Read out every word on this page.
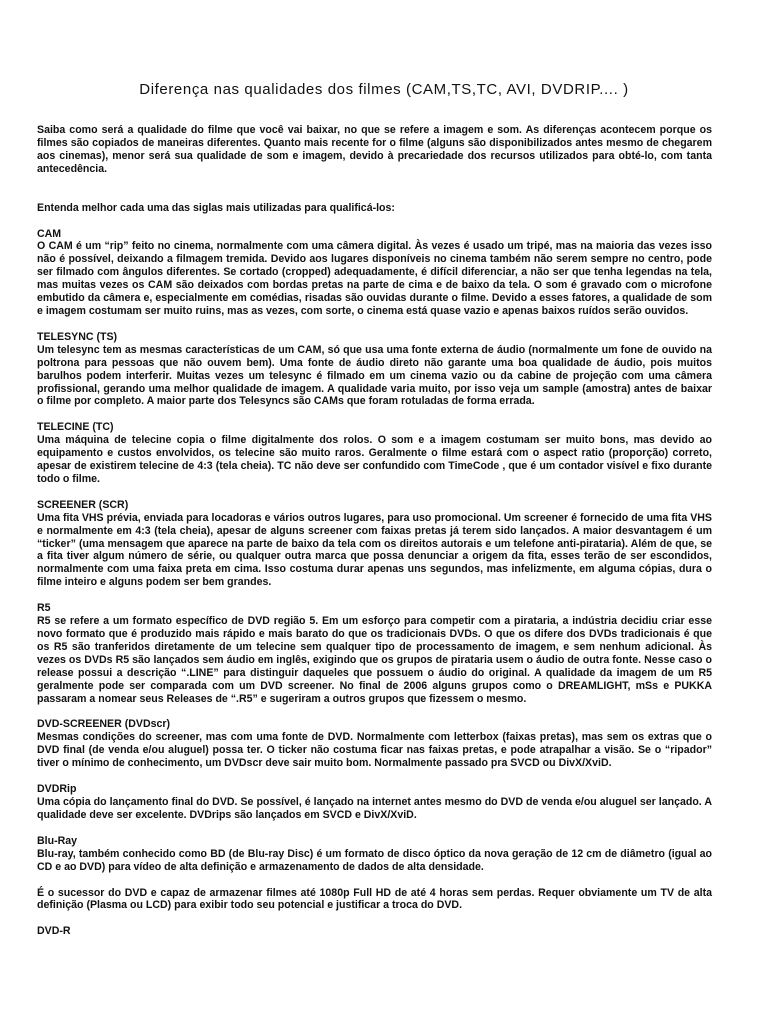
Diferença nas qualidades dos filmes (CAM,TS,TC, AVI, DVDRIP.... )

Saiba como será a qualidade do filme que você vai baixar, no que se refere a imagem e som. As diferenças acontecem porque os filmes são copiados de maneiras diferentes. Quanto mais recente for o filme (alguns são disponibilizados antes mesmo de chegarem aos cinemas), menor será sua qualidade de som e imagem, devido à precariedade dos recursos utilizados para obté-lo, com tanta antecedência.

Entenda melhor cada uma das siglas mais utilizadas para qualificá-los:

CAM

O CAM é um “rip” feito no cinema, normalmente com uma câmera digital. Às vezes é usado um tripé, mas na maioria das vezes isso não é possível, deixando a filmagem tremida. Devido aos lugares disponíveis no cinema também não serem sempre no centro, pode ser filmado com ângulos diferentes. Se cortado (cropped) adequadamente, é difícil diferenciar, a não ser que tenha legendas na tela, mas muitas vezes os CAM são deixados com bordas pretas na parte de cima e de baixo da tela. O som é gravado com o microfone embutido da câmera e, especialmente em comédias, risadas são ouvidas durante o filme. Devido a esses fatores, a qualidade de som e imagem costumam ser muito ruins, mas as vezes, com sorte, o cinema está quase vazio e apenas baixos ruídos serão ouvidos.

TELESYNC (TS)

Um telesync tem as mesmas características de um CAM, só que usa uma fonte externa de áudio (normalmente um fone de ouvido na poltrona para pessoas que não ouvem bem). Uma fonte de áudio direto não garante uma boa qualidade de áudio, pois muitos barulhos podem interferir. Muitas vezes um telesync é filmado em um cinema vazio ou da cabine de projeção com uma câmera profissional, gerando uma melhor qualidade de imagem. A qualidade varia muito, por isso veja um sample (amostra) antes de baixar o filme por completo. A maior parte dos Telesyncs são CAMs que foram rotuladas de forma errada.

TELECINE (TC)

Uma máquina de telecine copia o filme digitalmente dos rolos. O som e a imagem costumam ser muito bons, mas devido ao equipamento e custos envolvidos, os telecine são muito raros. Geralmente o filme estará com o aspect ratio (proporção) correto, apesar de existirem telecine de 4:3 (tela cheia). TC não deve ser confundido com TimeCode , que é um contador visível e fixo durante todo o filme.

SCREENER (SCR)

Uma fita VHS prévia, enviada para locadoras e vários outros lugares, para uso promocional. Um screener é fornecido de uma fita VHS e normalmente em 4:3 (tela cheia), apesar de alguns screener com faixas pretas já terem sido lançados. A maior desvantagem é um “ticker” (uma mensagem que aparece na parte de baixo da tela com os direitos autorais e um telefone anti-pirataria). Além de que, se a fita tiver algum número de série, ou qualquer outra marca que possa denunciar a origem da fita, esses terão de ser escondidos, normalmente com uma faixa preta em cima. Isso costuma durar apenas uns segundos, mas infelizmente, em alguma cópias, dura o filme inteiro e alguns podem ser bem grandes.

R5

R5 se refere a um formato específico de DVD região 5. Em um esforço para competir com a pirataria, a indústria decidiu criar esse novo formato que é produzido mais rápido e mais barato do que os tradicionais DVDs. O que os difere dos DVDs tradicionais é que os R5 são tranferidos diretamente de um telecine sem qualquer tipo de processamento de imagem, e sem nenhum adicional. Às vezes os DVDs R5 são lançados sem áudio em inglês, exigindo que os grupos de pirataria usem o áudio de outra fonte. Nesse caso o release possui a descrição “.LINE” para distinguir daqueles que possuem o áudio do original. A qualidade da imagem de um R5 geralmente pode ser comparada com um DVD screener. No final de 2006 alguns grupos como o DREAMLIGHT, mSs e PUKKA passaram a nomear seus Releases de “.R5” e sugeriram a outros grupos que fizessem o mesmo.

DVD-SCREENER (DVDscr)

Mesmas condições do screener, mas com uma fonte de DVD. Normalmente com letterbox (faixas pretas), mas sem os extras que o DVD final (de venda e/ou aluguel) possa ter. O ticker não costuma ficar nas faixas pretas, e pode atrapalhar a visão. Se o “ripador” tiver o mínimo de conhecimento, um DVDscr deve sair muito bom. Normalmente passado pra SVCD ou DivX/XviD.

DVDRip

Uma cópia do lançamento final do DVD. Se possível, é lançado na internet antes mesmo do DVD de venda e/ou aluguel ser lançado. A qualidade deve ser excelente. DVDrips são lançados em SVCD e DivX/XviD.

Blu-Ray

Blu-ray, também conhecido como BD (de Blu-ray Disc) é um formato de disco óptico da nova geração de 12 cm de diâmetro (igual ao CD e ao DVD) para vídeo de alta definição e armazenamento de dados de alta densidade.

É o sucessor do DVD e capaz de armazenar filmes até 1080p Full HD de até 4 horas sem perdas. Requer obviamente um TV de alta definição (Plasma ou LCD) para exibir todo seu potencial e justificar a troca do DVD.

DVD-R
